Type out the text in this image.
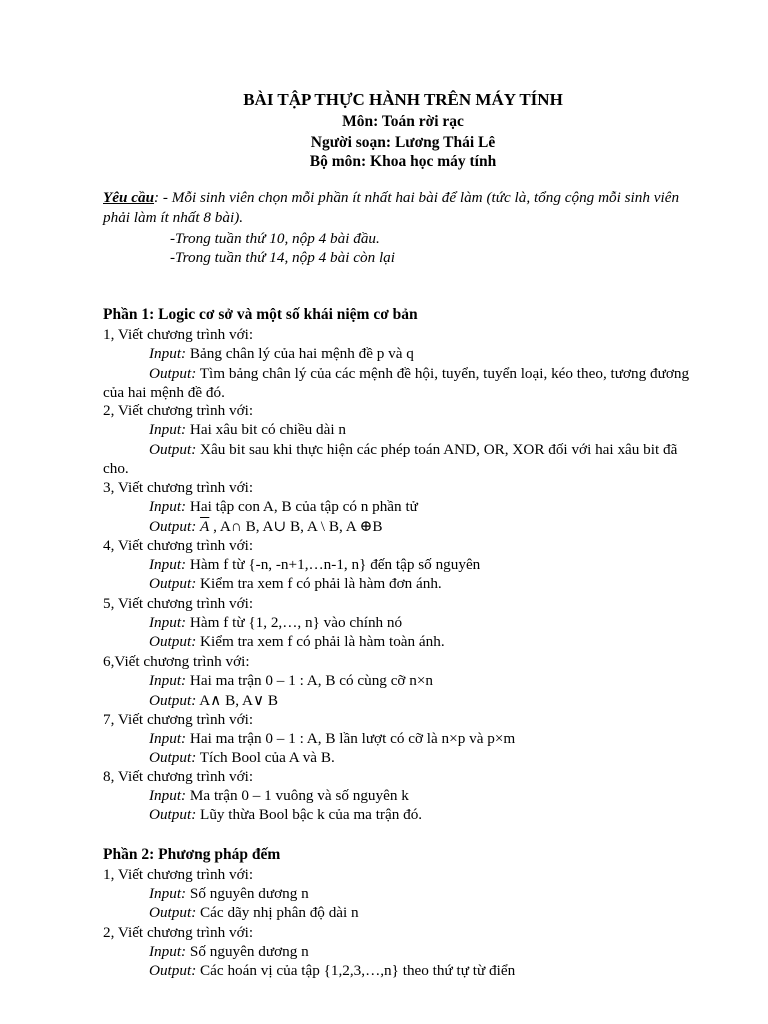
BÀI TẬP THỰC HÀNH TRÊN MÁY TÍNH
Môn: Toán rời rạc
Người soạn: Lương Thái Lê
Bộ môn: Khoa học máy tính
Yêu cầu: - Mỗi sinh viên chọn mỗi phần ít nhất hai bài để làm (tức là, tổng cộng mỗi sinh viên phải làm ít nhất 8 bài).
-Trong tuần thứ 10, nộp 4 bài đầu.
-Trong tuần thứ 14, nộp 4 bài còn lại
Phần 1: Logic cơ sở và một số khái niệm cơ bản
1, Viết chương trình với:
Input: Bảng chân lý của hai mệnh đề p và q
Output: Tìm bảng chân lý của các mệnh đề hội, tuyển, tuyển loại, kéo theo, tương đương của hai mệnh đề đó.
2, Viết chương trình với:
Input: Hai xâu bit có chiều dài n
Output: Xâu bit sau khi thực hiện các phép toán AND, OR, XOR đối với hai xâu bit đã cho.
3, Viết chương trình với:
Input: Hai tập con A, B của tập có n phần tử
Output: $\overline{A}$ , A∩ B, A∪ B, A \ B, A ⊕B
4, Viết chương trình với:
Input: Hàm f từ {-n, -n+1,…n-1, n} đến tập số nguyên
Output: Kiểm tra xem f có phải là hàm đơn ánh.
5, Viết chương trình với:
Input: Hàm f từ {1, 2,…, n} vào chính nó
Output: Kiểm tra xem f có phải là hàm toàn ánh.
6,Viết chương trình với:
Input: Hai ma trận 0 – 1 : A, B có cùng cỡ n×n
Output: A∧ B, A∨ B
7, Viết chương trình với:
Input: Hai ma trận 0 – 1 : A, B lần lượt có cỡ là n×p và p×m
Output: Tích Bool của A và B.
8, Viết chương trình với:
Input: Ma trận 0 – 1 vuông và số nguyên k
Output: Lũy thừa Bool bậc k của ma trận đó.
Phần 2: Phương pháp đếm
1, Viết chương trình với:
Input: Số nguyên dương n
Output: Các dãy nhị phân độ dài n
2, Viết chương trình với:
Input: Số nguyên dương n
Output: Các hoán vị của tập {1,2,3,…,n} theo thứ tự từ điển
